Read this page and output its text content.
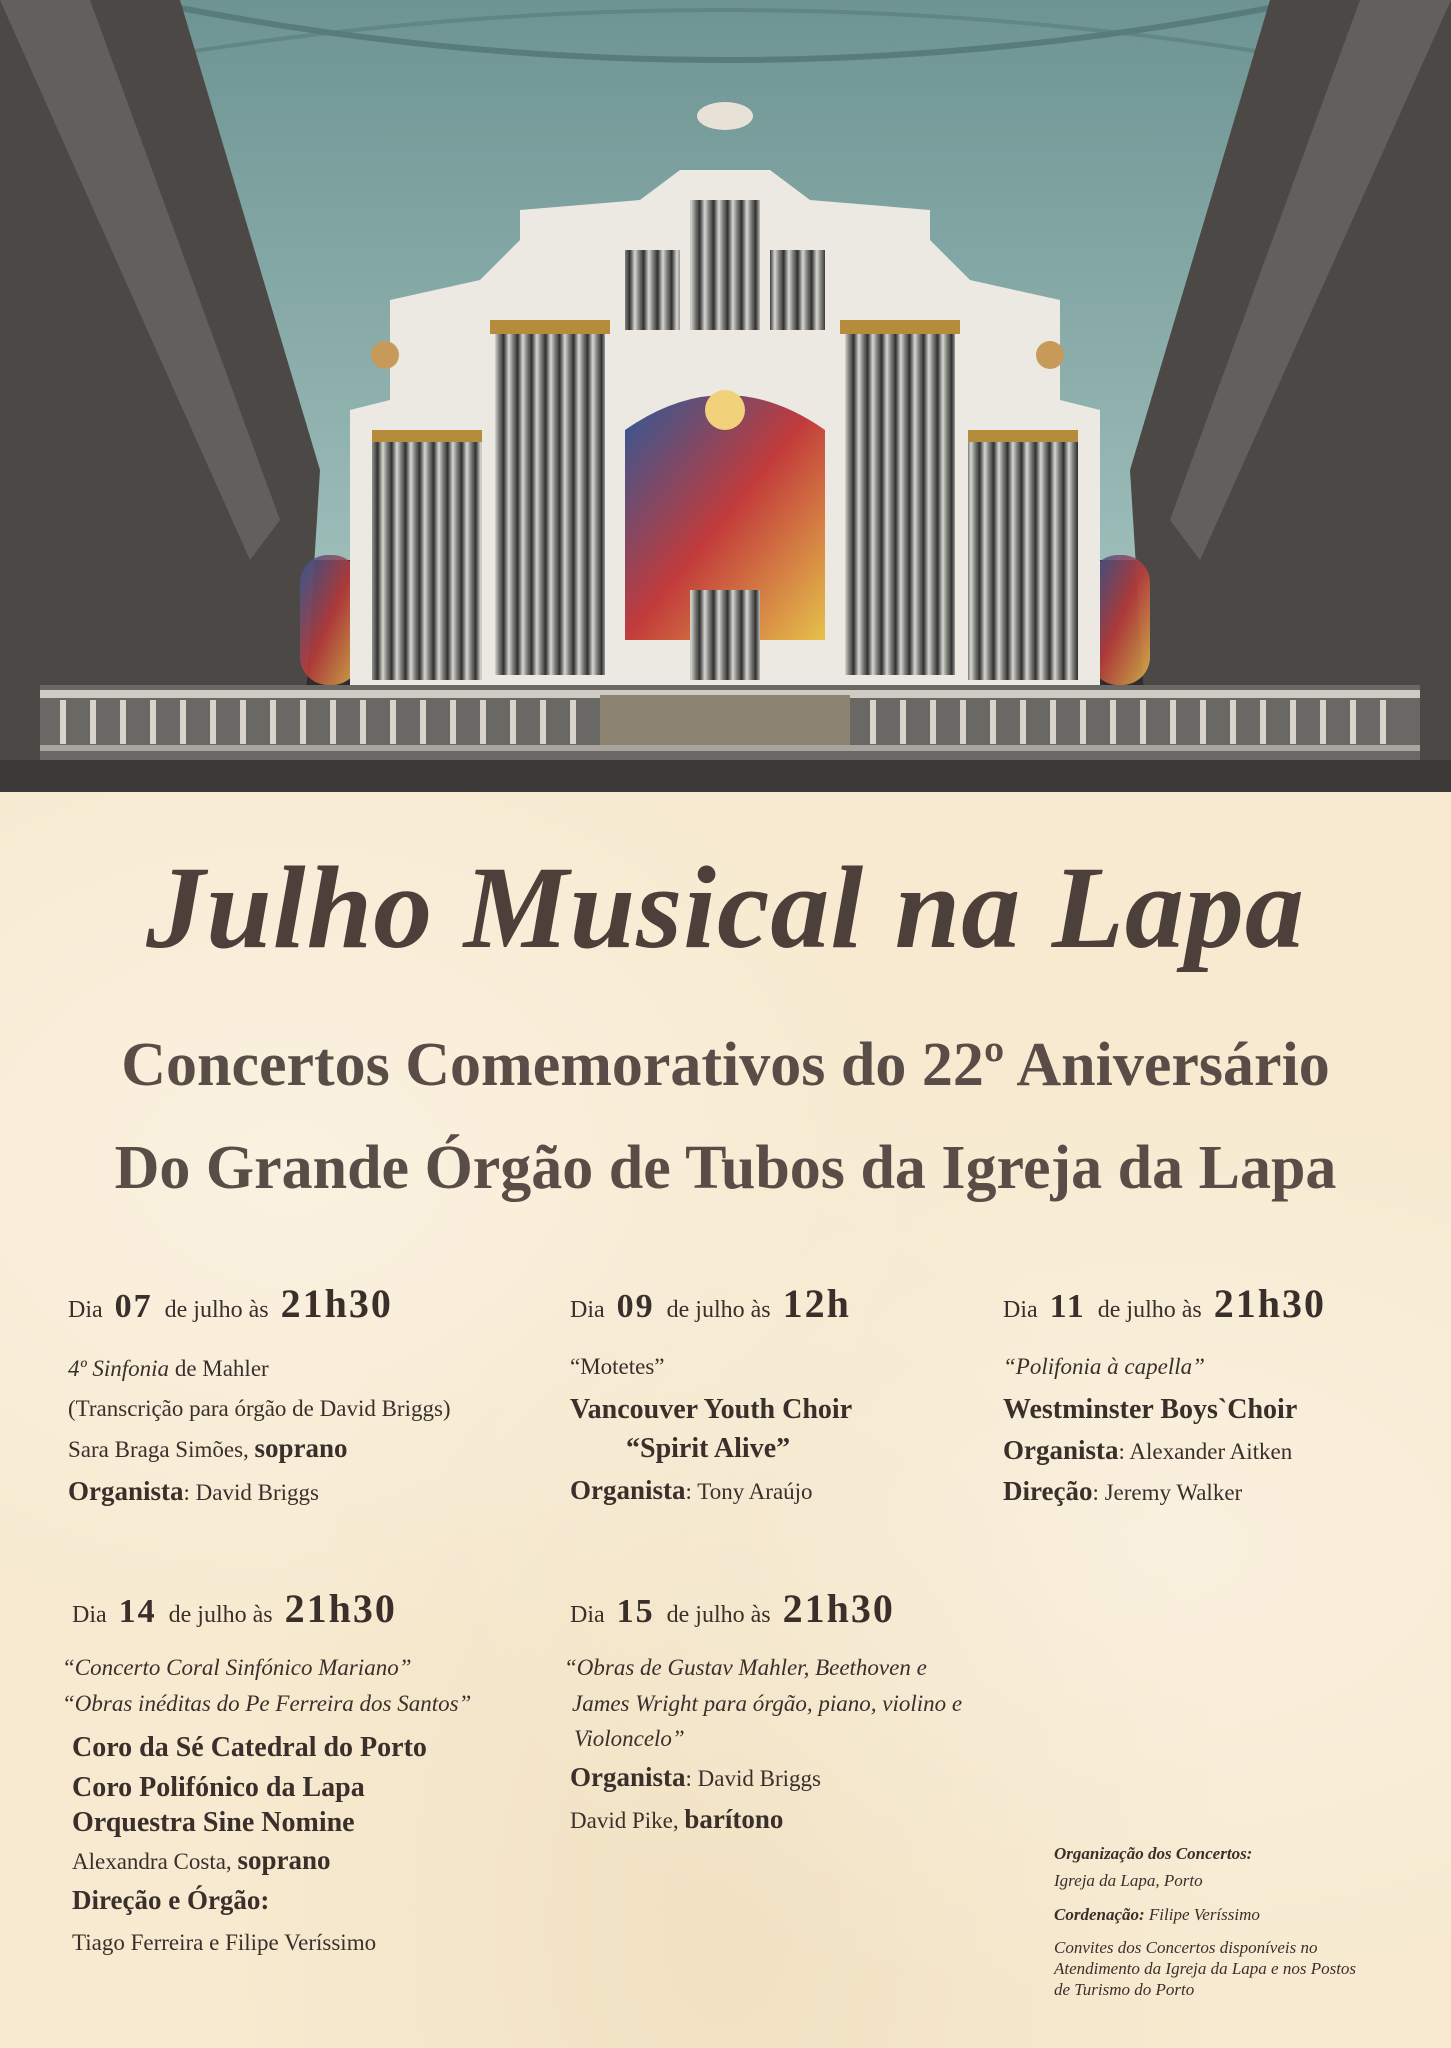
Julho Musical na Lapa
Concertos Comemorativos do 22º Aniversário
Do Grande Órgão de Tubos da Igreja da Lapa

Dia 07 de julho às 21h30

4º Sinfonia de Mahler

(Transcrição para órgão de David Briggs)

Sara Braga Simões, soprano

Organista: David Briggs

Dia 09 de julho às 12h

“Motetes”

Vancouver Youth Choir

“Spirit Alive”

Organista: Tony Araújo

Dia 11 de julho às 21h30

“Polifonia à capella”

Westminster Boys`Choir

Organista: Alexander Aitken

Direção: Jeremy Walker

Dia 14 de julho às 21h30

“Concerto Coral Sinfónico Mariano”

“Obras inéditas do Pe Ferreira dos Santos”

Coro da Sé Catedral do Porto

Coro Polifónico da Lapa

Orquestra Sine Nomine

Alexandra Costa, soprano

Direção e Órgão:

Tiago Ferreira e Filipe Veríssimo

Dia 15 de julho às 21h30

“Obras de Gustav Mahler, Beethoven e

James Wright para órgão, piano, violino e

Violoncelo”

Organista: David Briggs

David Pike, barítono

Organização dos Concertos:

Igreja da Lapa, Porto

Cordenação: Filipe Veríssimo

Convites dos Concertos disponíveis no

Atendimento da Igreja da Lapa e nos Postos

de Turismo do Porto
